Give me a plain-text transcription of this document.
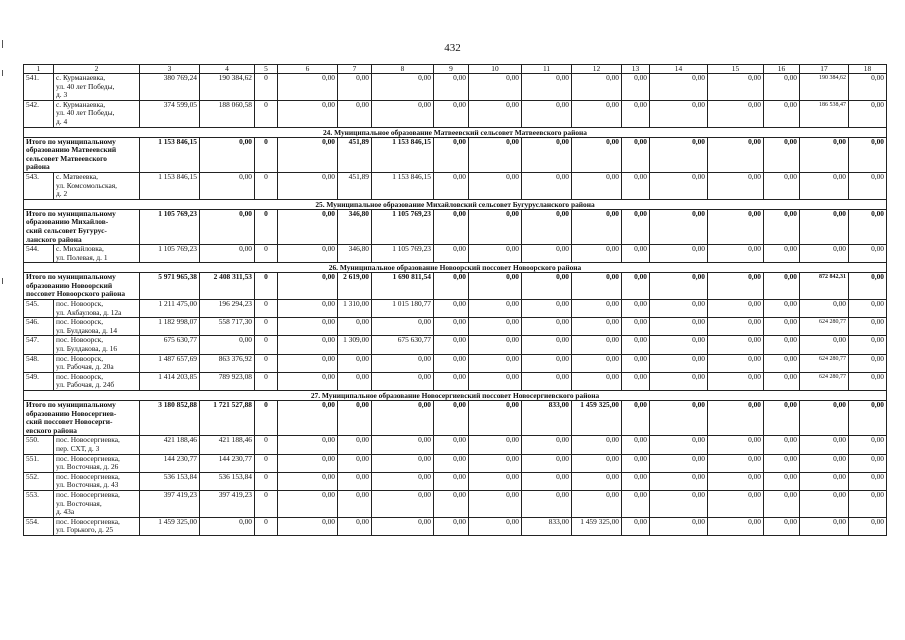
432
1	2	3	4	5	6	7	8	9	10	11	12	13	14	15	16	17	18
541.	с. Курманаевка,
ул. 40 лет Победы,
д. 3	380 769,24	190 384,62	0	0,00	0,00	0,00	0,00	0,00	0,00	0,00	0,00	0,00	0,00	0,00	190 384,62	0,00
542.	с. Курманаевка,
ул. 40 лет Победы,
д. 4	374 599,05	188 060,58	0	0,00	0,00	0,00	0,00	0,00	0,00	0,00	0,00	0,00	0,00	0,00	186 538,47	0,00
24. Муниципальное образование Матвеевский сельсовет Матвеевского района																	

Итого по муниципальному
образованию Матвеевский
сельсовет Матвеевского
района		1 153 846,15	0,00	0	0,00	451,89	1 153 846,15	0,00	0,00	0,00	0,00	0,00	0,00	0,00	0,00	0,00	0,00
543.	с. Матвеевка,
ул. Комсомольская,
д. 2	1 153 846,15	0,00	0	0,00	451,89	1 153 846,15	0,00	0,00	0,00	0,00	0,00	0,00	0,00	0,00	0,00	0,00
25. Муниципальное образование Михайловский сельсовет Бугурусланского района																	

Итого по муниципальному
образованию Михайлов-
ский сельсовет Бугурус-
ланского района		1 105 769,23	0,00	0	0,00	346,80	1 105 769,23	0,00	0,00	0,00	0,00	0,00	0,00	0,00	0,00	0,00	0,00
544.	с. Михайловка,
ул. Полевая, д. 1	1 105 769,23	0,00	0	0,00	346,80	1 105 769,23	0,00	0,00	0,00	0,00	0,00	0,00	0,00	0,00	0,00	0,00
26. Муниципальное образование Новоорский поссовет Новоорского района																	

Итого по муниципальному
образованию Новоорский
поссовет Новоорского района		5 971 965,38	2 408 311,53	0	0,00	2 619,00	1 690 811,54	0,00	0,00	0,00	0,00	0,00	0,00	0,00	0,00	872 842,31	0,00
545.	пос. Новоорск,
ул. Акбаулова, д. 12а	1 211 475,00	196 294,23	0	0,00	1 310,00	1 015 180,77	0,00	0,00	0,00	0,00	0,00	0,00	0,00	0,00	0,00	0,00
546.	пос. Новоорск,
ул. Булдакова, д. 14	1 182 998,07	558 717,30	0	0,00	0,00	0,00	0,00	0,00	0,00	0,00	0,00	0,00	0,00	0,00	624 280,77	0,00
547.	пос. Новоорск,
ул. Булдакова, д. 16	675 630,77	0,00	0	0,00	1 309,00	675 630,77	0,00	0,00	0,00	0,00	0,00	0,00	0,00	0,00	0,00	0,00
548.	пос. Новоорск,
ул. Рабочая, д. 20а	1 487 657,69	863 376,92	0	0,00	0,00	0,00	0,00	0,00	0,00	0,00	0,00	0,00	0,00	0,00	624 280,77	0,00
549.	пос. Новоорск,
ул. Рабочая, д. 24б	1 414 203,85	789 923,08	0	0,00	0,00	0,00	0,00	0,00	0,00	0,00	0,00	0,00	0,00	0,00	624 280,77	0,00
27. Муниципальное образование Новосергиевский поссовет Новосергиевского района																	

Итого по муниципальному
образованию Новосергиев-
ский поссовет Новосерги-
евского района		3 180 852,88	1 721 527,88	0	0,00	0,00	0,00	0,00	0,00	833,00	1 459 325,00	0,00	0,00	0,00	0,00	0,00	0,00
550.	пос. Новосергиевка,
пер. СХТ, д. 3	421 188,46	421 188,46	0	0,00	0,00	0,00	0,00	0,00	0,00	0,00	0,00	0,00	0,00	0,00	0,00	0,00
551.	пос. Новосергиевка,
ул. Восточная, д. 26	144 230,77	144 230,77	0	0,00	0,00	0,00	0,00	0,00	0,00	0,00	0,00	0,00	0,00	0,00	0,00	0,00
552.	пос. Новосергиевка,
ул. Восточная, д. 43	536 153,84	536 153,84	0	0,00	0,00	0,00	0,00	0,00	0,00	0,00	0,00	0,00	0,00	0,00	0,00	0,00
553.	пос. Новосергиевка,
ул. Восточная,
д. 43а	397 419,23	397 419,23	0	0,00	0,00	0,00	0,00	0,00	0,00	0,00	0,00	0,00	0,00	0,00	0,00	0,00
554.	пос. Новосергиевка,
ул. Горького, д. 25	1 459 325,00	0,00	0	0,00	0,00	0,00	0,00	0,00	833,00	1 459 325,00	0,00	0,00	0,00	0,00	0,00	0,00
